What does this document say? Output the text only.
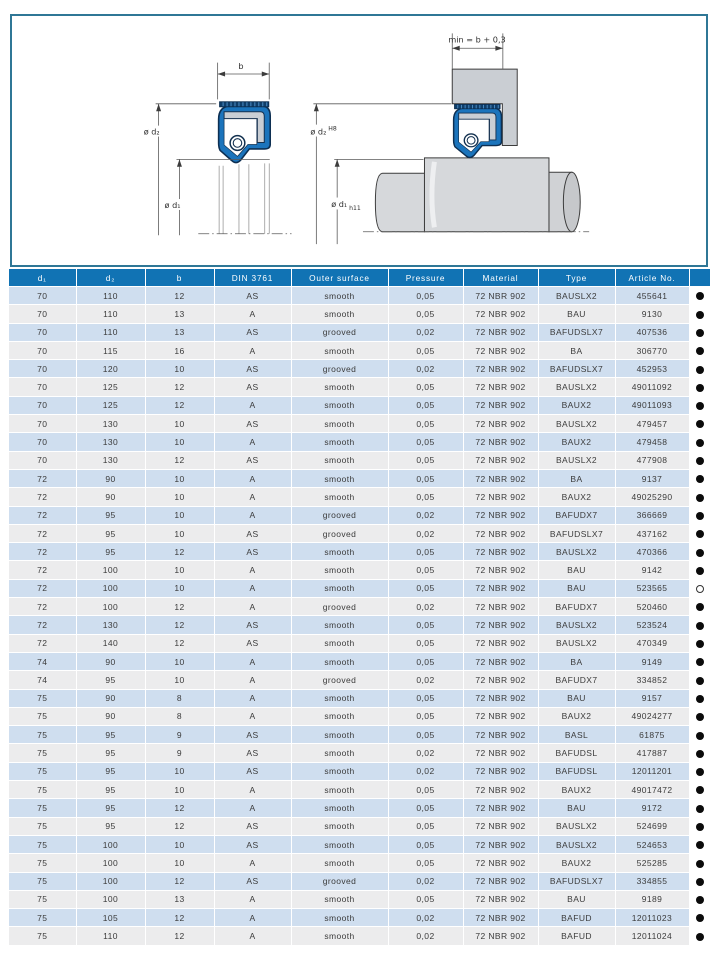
b
ø d₂
ø d₁
min = b + 0,3
ø d₂ H8
ø d₁ h11
d₁	d₂	b	DIN 3761	Outer surface	Pressure	Material	Type	Article No.	
70	110	12	AS	smooth	0,05	72 NBR 902	BAUSLX2	455641	
70	110	13	A	smooth	0,05	72 NBR 902	BAU	9130	
70	110	13	AS	grooved	0,02	72 NBR 902	BAFUDSLX7	407536	
70	115	16	A	smooth	0,05	72 NBR 902	BA	306770	
70	120	10	AS	grooved	0,02	72 NBR 902	BAFUDSLX7	452953	
70	125	12	AS	smooth	0,05	72 NBR 902	BAUSLX2	49011092	
70	125	12	A	smooth	0,05	72 NBR 902	BAUX2	49011093	
70	130	10	AS	smooth	0,05	72 NBR 902	BAUSLX2	479457	
70	130	10	A	smooth	0,05	72 NBR 902	BAUX2	479458	
70	130	12	AS	smooth	0,05	72 NBR 902	BAUSLX2	477908	
72	90	10	A	smooth	0,05	72 NBR 902	BA	9137	
72	90	10	A	smooth	0,05	72 NBR 902	BAUX2	49025290	
72	95	10	A	grooved	0,02	72 NBR 902	BAFUDX7	366669	
72	95	10	AS	grooved	0,02	72 NBR 902	BAFUDSLX7	437162	
72	95	12	AS	smooth	0,05	72 NBR 902	BAUSLX2	470366	
72	100	10	A	smooth	0,05	72 NBR 902	BAU	9142	
72	100	10	A	smooth	0,05	72 NBR 902	BAU	523565	
72	100	12	A	grooved	0,02	72 NBR 902	BAFUDX7	520460	
72	130	12	AS	smooth	0,05	72 NBR 902	BAUSLX2	523524	
72	140	12	AS	smooth	0,05	72 NBR 902	BAUSLX2	470349	
74	90	10	A	smooth	0,05	72 NBR 902	BA	9149	
74	95	10	A	grooved	0,02	72 NBR 902	BAFUDX7	334852	
75	90	8	A	smooth	0,05	72 NBR 902	BAU	9157	
75	90	8	A	smooth	0,05	72 NBR 902	BAUX2	49024277	
75	95	9	AS	smooth	0,05	72 NBR 902	BASL	61875	
75	95	9	AS	smooth	0,02	72 NBR 902	BAFUDSL	417887	
75	95	10	AS	smooth	0,02	72 NBR 902	BAFUDSL	12011201	
75	95	10	A	smooth	0,05	72 NBR 902	BAUX2	49017472	
75	95	12	A	smooth	0,05	72 NBR 902	BAU	9172	
75	95	12	AS	smooth	0,05	72 NBR 902	BAUSLX2	524699	
75	100	10	AS	smooth	0,05	72 NBR 902	BAUSLX2	524653	
75	100	10	A	smooth	0,05	72 NBR 902	BAUX2	525285	
75	100	12	AS	grooved	0,02	72 NBR 902	BAFUDSLX7	334855	
75	100	13	A	smooth	0,05	72 NBR 902	BAU	9189	
75	105	12	A	smooth	0,02	72 NBR 902	BAFUD	12011023	
75	110	12	A	smooth	0,02	72 NBR 902	BAFUD	12011024	
